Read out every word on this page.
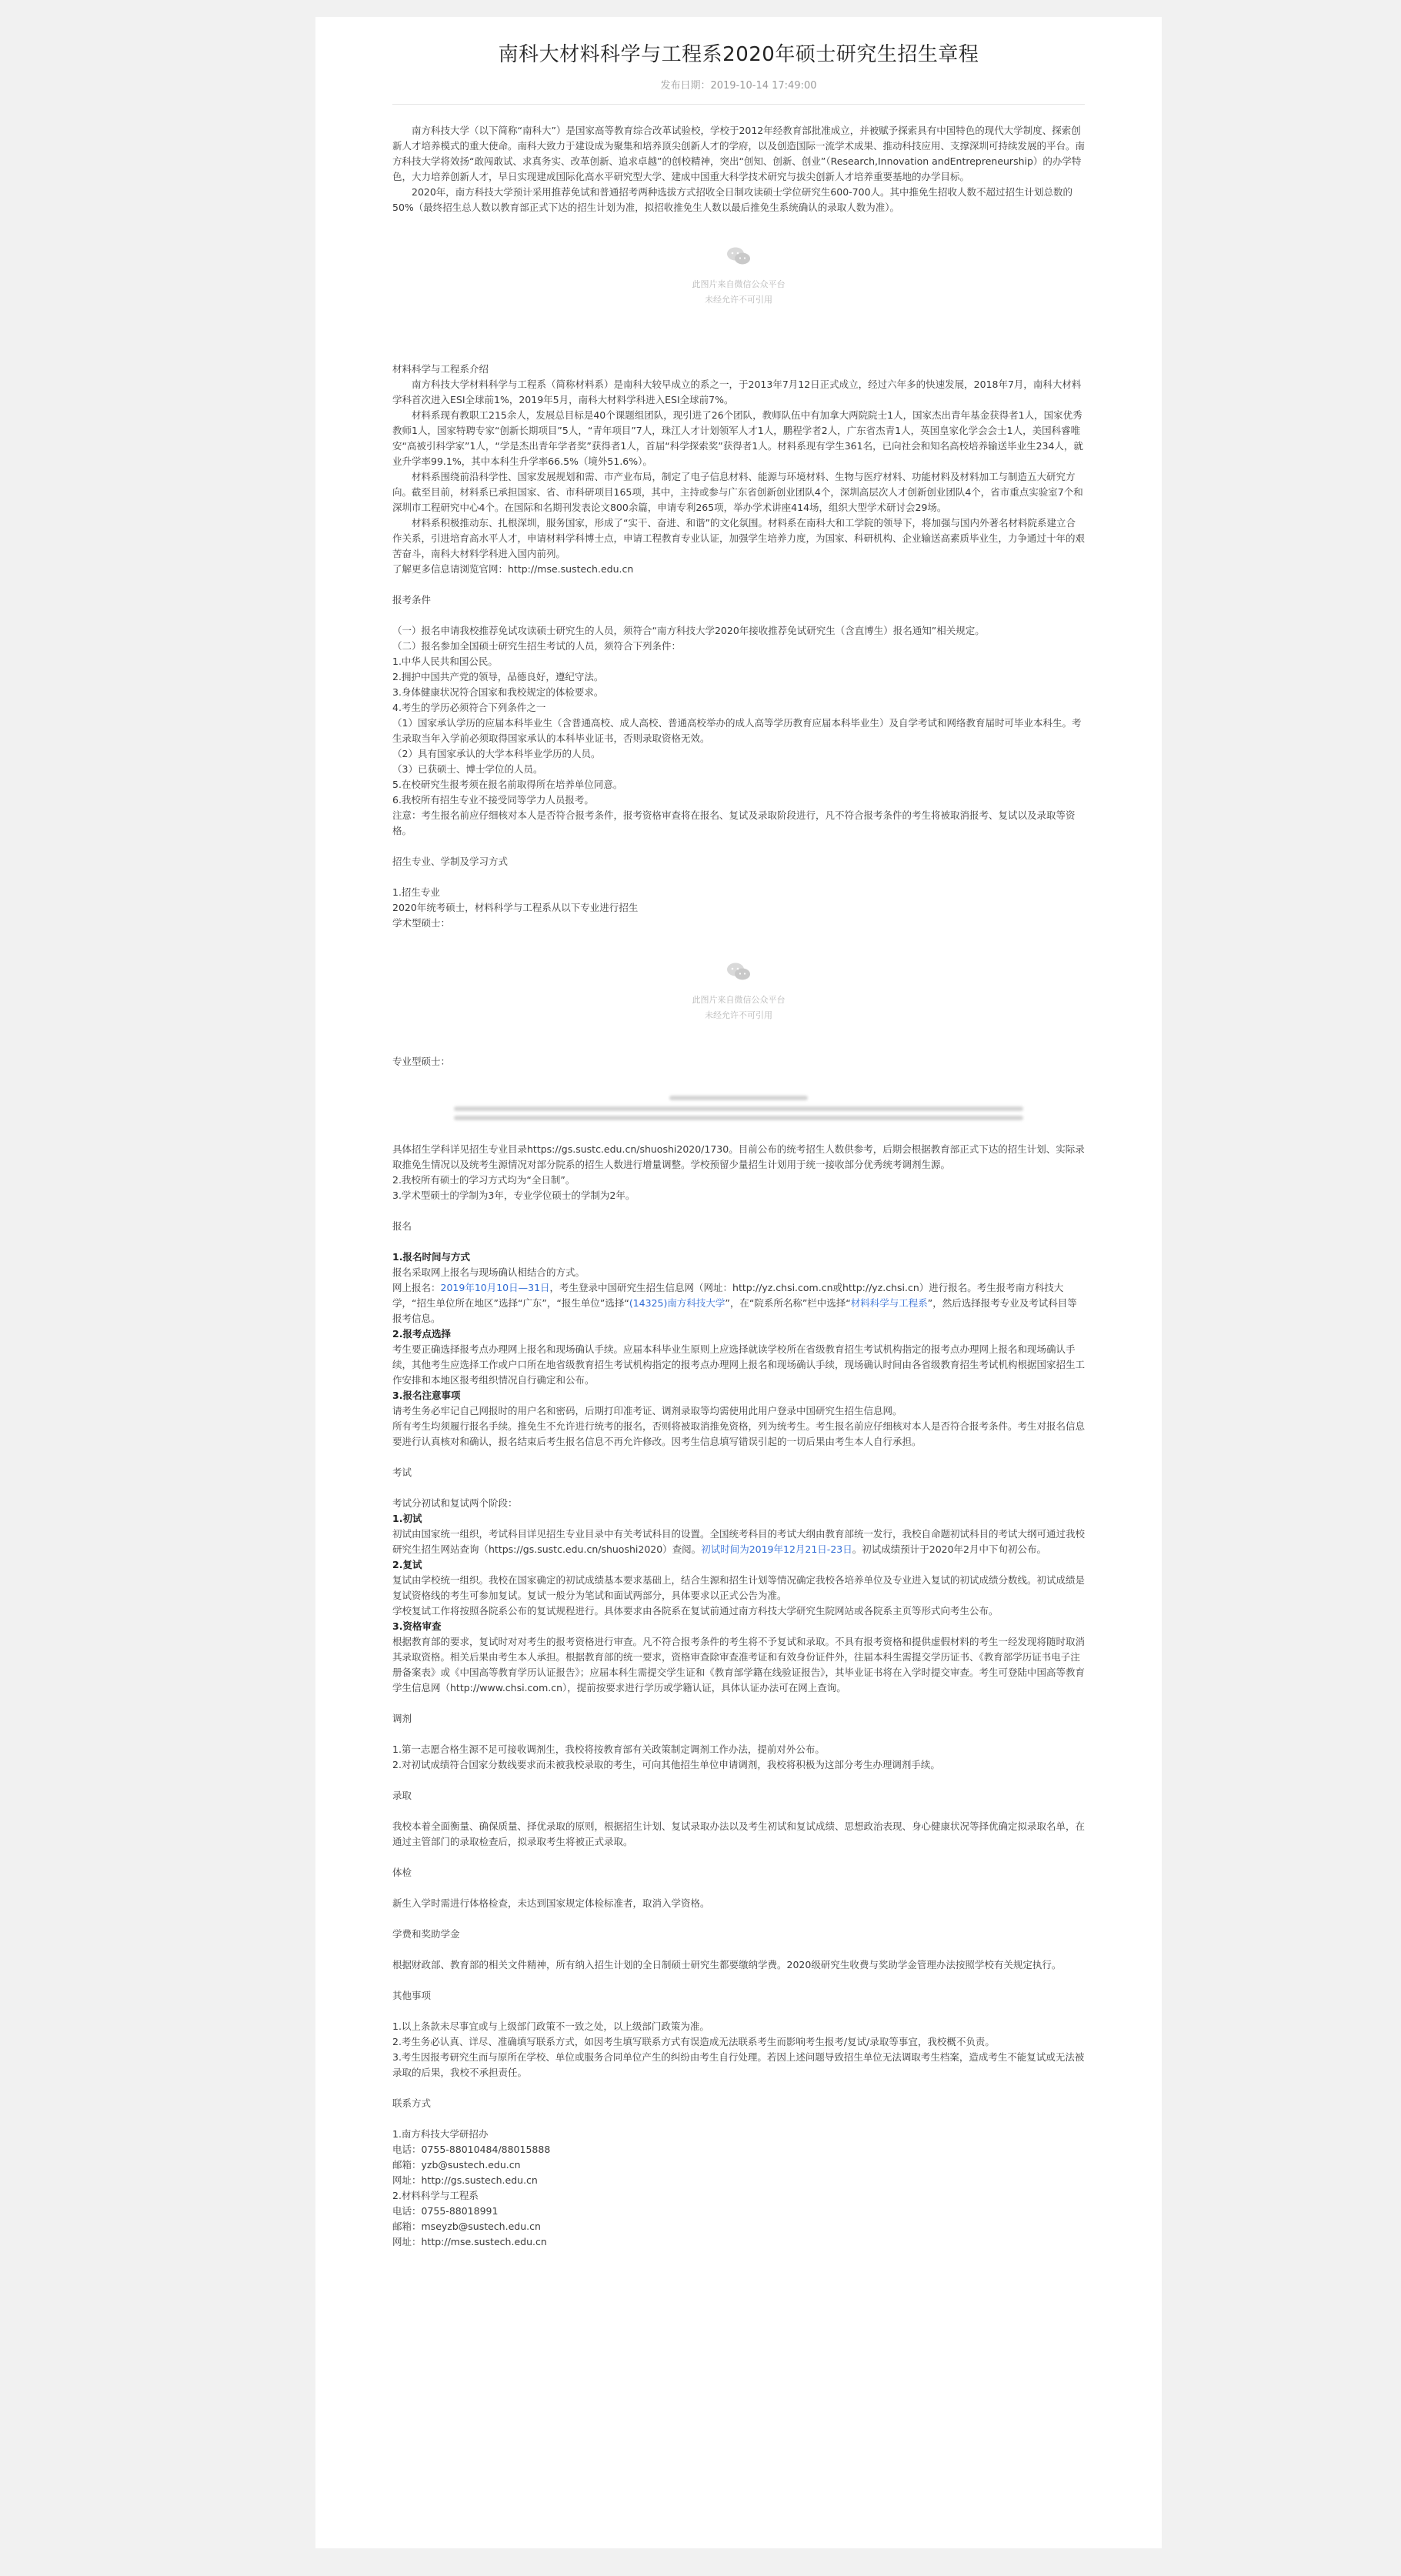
南科大材料科学与工程系2020年硕士研究生招生章程
发布日期：2019-10-14 17:49:00

南方科技大学（以下简称“南科大”）是国家高等教育综合改革试验校，学校于2012年经教育部批准成立，并被赋予探索具有中国特色的现代大学制度、探索创新人才培养模式的重大使命。南科大致力于建设成为聚集和培养顶尖创新人才的学府，以及创造国际一流学术成果、推动科技应用、支撑深圳可持续发展的平台。南方科技大学将效扬“敢闯敢试、求真务实、改革创新、追求卓越”的创校精神，突出“创知、创新、创业”（Research,Innovation andEntrepreneurship）的办学特色，大力培养创新人才，早日实现建成国际化高水平研究型大学、建成中国重大科学技术研究与拔尖创新人才培养重要基地的办学目标。

2020年，南方科技大学预计采用推荐免试和普通招考两种选拔方式招收全日制攻读硕士学位研究生600-700人。其中推免生招收人数不超过招生计划总数的50%（最终招生总人数以教育部正式下达的招生计划为准，拟招收推免生人数以最后推免生系统确认的录取人数为准）。

此图片来自微信公众平台
未经允许不可引用

材料科学与工程系介绍

南方科技大学材料科学与工程系（简称材料系）是南科大较早成立的系之一，于2013年7月12日正式成立，经过六年多的快速发展，2018年7月，南科大材料学科首次进入ESI全球前1%，2019年5月，南科大材料学科进入ESI全球前7%。

材料系现有教职工215余人，发展总目标是40个课题组团队，现引进了26个团队，教师队伍中有加拿大两院院士1人，国家杰出青年基金获得者1人，国家优秀教师1人，国家特聘专家“创新长期项目”5人，“青年项目”7人，珠江人才计划领军人才1人，鹏程学者2人，广东省杰青1人，英国皇家化学会会士1人，美国科睿唯安“高被引科学家”1人，“学是杰出青年学者奖”获得者1人，首届“科学探索奖”获得者1人。材料系现有学生361名，已向社会和知名高校培养输送毕业生234人，就业升学率99.1%，其中本科生升学率66.5%（境外51.6%）。

材料系围绕前沿科学性、国家发展规划和需、市产业布局，制定了电子信息材料、能源与环境材料、生物与医疗材料、功能材料及材料加工与制造五大研究方向。截至目前，材料系已承担国家、省、市科研项目165项，其中，主持或参与广东省创新创业团队4个，深圳高层次人才创新创业团队4个，省市重点实验室7个和深圳市工程研究中心4个。在国际和名期刊发表论文800余篇，申请专利265项，举办学术讲座414场，组织大型学术研讨会29场。

材料系积极推动东、扎根深圳，服务国家，形成了“实干、奋进、和谐”的文化氛围。材料系在南科大和工学院的领导下，将加强与国内外著名材料院系建立合作关系，引进培育高水平人才，申请材料学科博士点，申请工程教育专业认证，加强学生培养力度，为国家、科研机构、企业输送高素质毕业生，力争通过十年的艰苦奋斗，南科大材料学科进入国内前列。

了解更多信息请浏览官网：http://mse.sustech.edu.cn

报考条件

（一）报名申请我校推荐免试攻读硕士研究生的人员，须符合“南方科技大学2020年接收推荐免试研究生（含直博生）报名通知”相关规定。

（二）报名参加全国硕士研究生招生考试的人员，须符合下列条件：

1.中华人民共和国公民。

2.拥护中国共产党的领导，品德良好，遵纪守法。

3.身体健康状况符合国家和我校规定的体检要求。

4.考生的学历必须符合下列条件之一

（1）国家承认学历的应届本科毕业生（含普通高校、成人高校、普通高校举办的成人高等学历教育应届本科毕业生）及自学考试和网络教育届时可毕业本科生。考生录取当年入学前必须取得国家承认的本科毕业证书，否则录取资格无效。

（2）具有国家承认的大学本科毕业学历的人员。

（3）已获硕士、博士学位的人员。

5.在校研究生报考须在报名前取得所在培养单位同意。

6.我校所有招生专业不接受同等学力人员报考。

注意：考生报名前应仔细核对本人是否符合报考条件，报考资格审查将在报名、复试及录取阶段进行，凡不符合报考条件的考生将被取消报考、复试以及录取等资格。

招生专业、学制及学习方式

1.招生专业

2020年统考硕士，材料科学与工程系从以下专业进行招生

学术型硕士：

此图片来自微信公众平台
未经允许不可引用

专业型硕士：

具体招生学科详见招生专业目录https://gs.sustc.edu.cn/shuoshi2020/1730。目前公布的统考招生人数供参考，后期会根据教育部正式下达的招生计划、实际录取推免生情况以及统考生源情况对部分院系的招生人数进行增量调整。学校预留少量招生计划用于统一接收部分优秀统考调剂生源。

2.我校所有硕士的学习方式均为“全日制”。

3.学术型硕士的学制为3年，专业学位硕士的学制为2年。

报名

1.报名时间与方式

报名采取网上报名与现场确认相结合的方式。

网上报名：2019年10月10日—31日，考生登录中国研究生招生信息网（网址：http://yz.chsi.com.cn或http://yz.chsi.cn）进行报名。考生报考南方科技大学，“招生单位所在地区”选择“广东”，“报生单位”选择“(14325)南方科技大学”，在“院系所名称”栏中选择“材料科学与工程系”，然后选择报考专业及考试科目等报考信息。

2.报考点选择

考生要正确选择报考点办理网上报名和现场确认手续。应届本科毕业生原则上应选择就读学校所在省级教育招生考试机构指定的报考点办理网上报名和现场确认手续，其他考生应选择工作或户口所在地省级教育招生考试机构指定的报考点办理网上报名和现场确认手续，现场确认时间由各省级教育招生考试机构根据国家招生工作安排和本地区报考组织情况自行确定和公布。

3.报名注意事项

请考生务必牢记自己网报时的用户名和密码，后期打印准考证、调剂录取等均需使用此用户登录中国研究生招生信息网。

所有考生均须履行报名手续。推免生不允许进行统考的报名，否则将被取消推免资格，列为统考生。考生报名前应仔细核对本人是否符合报考条件。考生对报名信息要进行认真核对和确认，报名结束后考生报名信息不再允许修改。因考生信息填写错误引起的一切后果由考生本人自行承担。

考试

考试分初试和复试两个阶段：

1.初试

初试由国家统一组织，考试科目详见招生专业目录中有关考试科目的设置。全国统考科目的考试大纲由教育部统一发行，我校自命题初试科目的考试大纲可通过我校研究生招生网站查询（https://gs.sustc.edu.cn/shuoshi2020）查阅。初试时间为2019年12月21日-23日。初试成绩预计于2020年2月中下旬初公布。

2.复试

复试由学校统一组织。我校在国家确定的初试成绩基本要求基础上，结合生源和招生计划等情况确定我校各培养单位及专业进入复试的初试成绩分数线。初试成绩是复试资格线的考生可参加复试。复试一般分为笔试和面试两部分，具体要求以正式公告为准。

学校复试工作将按照各院系公布的复试规程进行。具体要求由各院系在复试前通过南方科技大学研究生院网站或各院系主页等形式向考生公布。

3.资格审查

根据教育部的要求，复试时对对考生的报考资格进行审查。凡不符合报考条件的考生将不予复试和录取。不具有报考资格和提供虚假材料的考生一经发现将随时取消其录取资格。相关后果由考生本人承担。根据教育部的统一要求，资格审查除审查准考证和有效身份证件外，往届本科生需提交学历证书、《教育部学历证书电子注册备案表》或《中国高等教育学历认证报告》；应届本科生需提交学生证和《教育部学籍在线验证报告》，其毕业证书将在入学时提交审查。考生可登陆中国高等教育学生信息网（http://www.chsi.com.cn），提前按要求进行学历或学籍认证，具体认证办法可在网上查询。

调剂

1.第一志愿合格生源不足可接收调剂生，我校将按教育部有关政策制定调剂工作办法，提前对外公布。

2.对初试成绩符合国家分数线要求而未被我校录取的考生，可向其他招生单位申请调剂，我校将积极为这部分考生办理调剂手续。

录取

我校本着全面衡量、确保质量、择优录取的原则，根据招生计划、复试录取办法以及考生初试和复试成绩、思想政治表现、身心健康状况等择优确定拟录取名单，在通过主管部门的录取检查后，拟录取考生将被正式录取。

体检

新生入学时需进行体格检查，未达到国家规定体检标准者，取消入学资格。

学费和奖助学金

根据财政部、教育部的相关文件精神，所有纳入招生计划的全日制硕士研究生都要缴纳学费。2020级研究生收费与奖助学金管理办法按照学校有关规定执行。

其他事项

1.以上条款未尽事宜或与上级部门政策不一致之处，以上级部门政策为准。

2.考生务必认真、详尽、准确填写联系方式，如因考生填写联系方式有误造成无法联系考生而影响考生报考/复试/录取等事宜，我校概不负责。

3.考生因报考研究生而与原所在学校、单位或服务合同单位产生的纠纷由考生自行处理。若因上述问题导致招生单位无法调取考生档案，造成考生不能复试或无法被录取的后果，我校不承担责任。

联系方式

1.南方科技大学研招办

电话：0755-88010484/88015888

邮箱：yzb@sustech.edu.cn

网址：http://gs.sustech.edu.cn

2.材料科学与工程系

电话：0755-88018991

邮箱：mseyzb@sustech.edu.cn

网址：http://mse.sustech.edu.cn
